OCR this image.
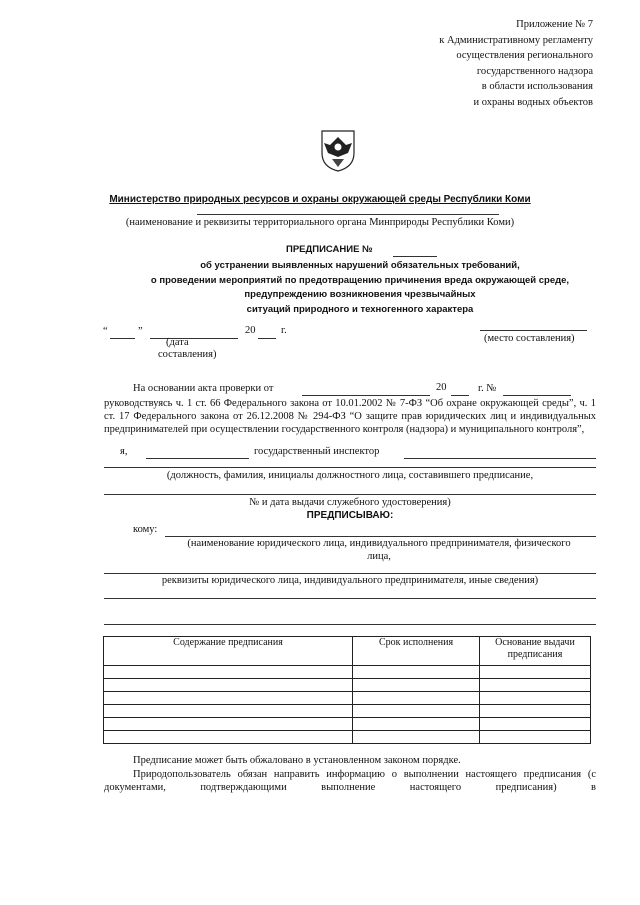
Приложение № 7
к Административному регламенту
осуществления регионального
государственного надзора
в области использования
и охраны водных объектов
Министерство природных ресурсов и охраны окружающей среды Республики Коми
(наименование и реквизиты территориального органа Минприроды Республики Коми)
ПРЕДПИСАНИЕ №
об устранении выявленных нарушений обязательных требований,
о проведении мероприятий по предотвращению причинения вреда окружающей среде,
предупреждению возникновения чрезвычайных
ситуаций природного и техногенного характера
“	”	20 г.
(дата
составления)
(место составления)
На основании акта проверки от	20	г. №
руководствуясь ч. 1 ст. 66 Федерального закона от 10.01.2002 № 7-ФЗ “Об охране окружающей среды”, ч. 1 ст. 17 Федерального закона от 26.12.2008 № 294-ФЗ “О защите прав юридических лиц и индивидуальных предпринимателей при осуществлении государственного контроля (надзора) и муниципального контроля”,
я,	государственный инспектор
(должность, фамилия, инициалы должностного лица, составившего предписание,
№ и дата выдачи служебного удостоверения)
ПРЕДПИСЫВАЮ:
кому:
(наименование юридического лица, индивидуального предпринимателя, физического
лица,
реквизиты юридического лица, индивидуального предпринимателя, иные сведения)
Содержание предписания	Срок исполнения	Основание выдачи предписания

Предписание может быть обжаловано в установленном законом порядке.
Природопользователь обязан направить информацию о выполнении настоящего предписания (с документами, подтверждающими выполнение настоящего предписания) в
